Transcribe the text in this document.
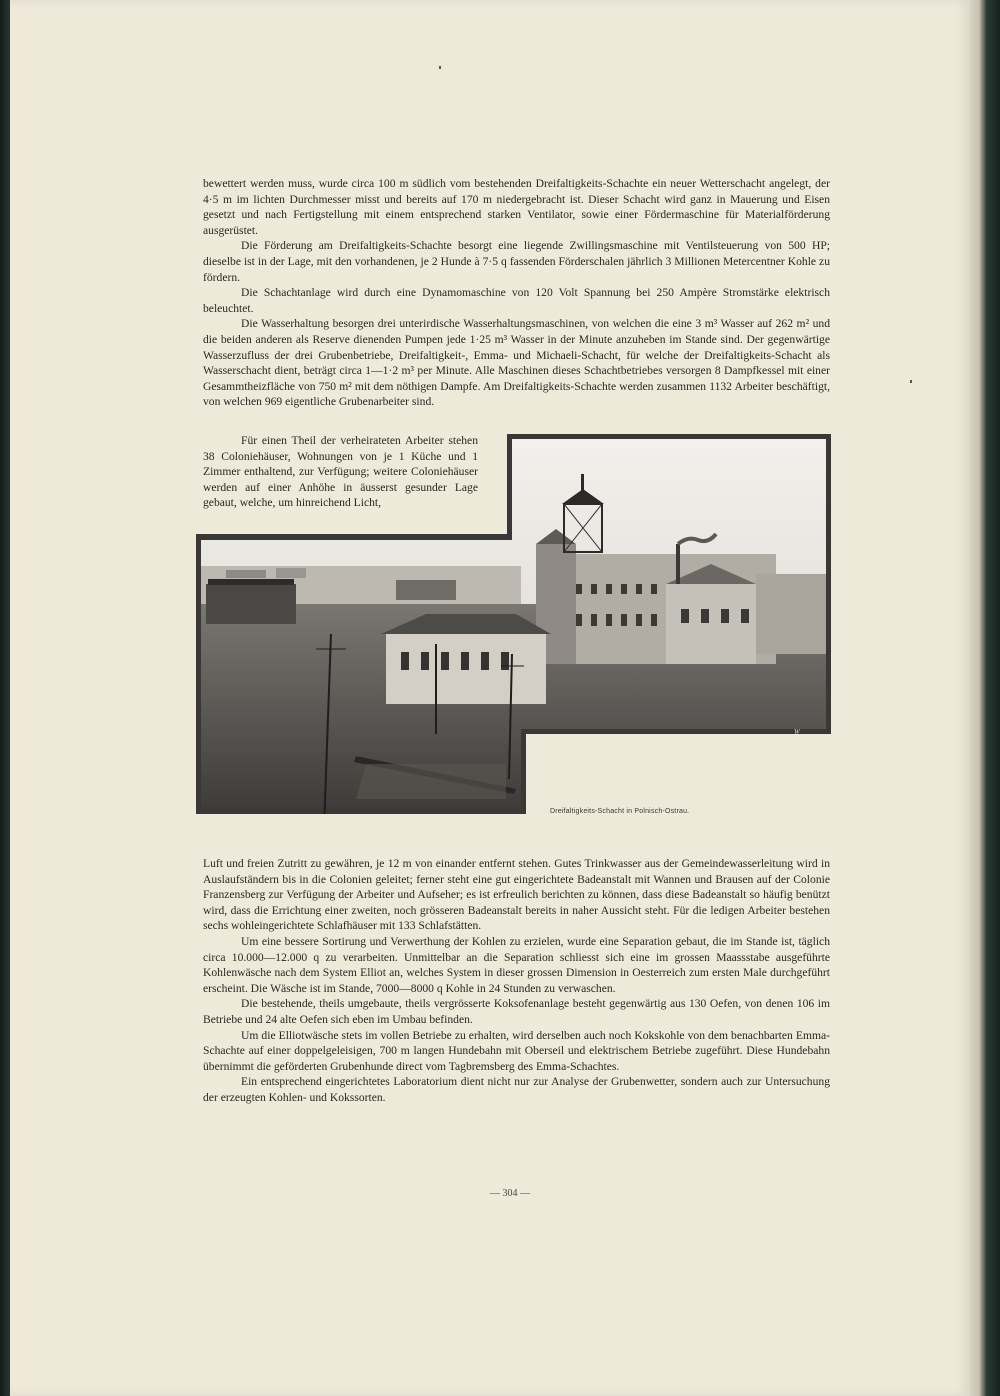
bewettert werden muss, wurde circa 100 m südlich vom bestehenden Dreifaltigkeits-Schachte ein neuer Wetterschacht angelegt, der 4·5 m im lichten Durchmesser misst und bereits auf 170 m niedergebracht ist. Dieser Schacht wird ganz in Mauerung und Eisen gesetzt und nach Fertigstellung mit einem entsprechend starken Ventilator, sowie einer Fördermaschine für Materialförderung ausgerüstet.

Die Förderung am Dreifaltigkeits-Schachte besorgt eine liegende Zwillingsmaschine mit Ventilsteuerung von 500 HP; dieselbe ist in der Lage, mit den vorhandenen, je 2 Hunde à 7·5 q fassenden Förderschalen jährlich 3 Millionen Metercentner Kohle zu fördern.

Die Schachtanlage wird durch eine Dynamomaschine von 120 Volt Spannung bei 250 Ampère Stromstärke elektrisch beleuchtet.

Die Wasserhaltung besorgen drei unterirdische Wasserhaltungsmaschinen, von welchen die eine 3 m³ Wasser auf 262 m² und die beiden anderen als Reserve dienenden Pumpen jede 1·25 m³ Wasser in der Minute anzuheben im Stande sind. Der gegenwärtige Wasserzufluss der drei Grubenbetriebe, Dreifaltigkeit-, Emma- und Michaeli-Schacht, für welche der Dreifaltigkeits-Schacht als Wasserschacht dient, beträgt circa 1—1·2 m³ per Minute. Alle Maschinen dieses Schachtbetriebes versorgen 8 Dampfkessel mit einer Gesammtheizfläche von 750 m² mit dem nöthigen Dampfe. Am Dreifaltigkeits-Schachte werden zusammen 1132 Arbeiter beschäftigt, von welchen 969 eigentliche Grubenarbeiter sind.

Für einen Theil der verheirateten Arbeiter stehen 38 Coloniehäuser, Wohnungen von je 1 Küche und 1 Zimmer enthaltend, zur Verfügung; weitere Coloniehäuser werden auf einer Anhöhe in äusserst gesunder Lage gebaut, welche, um hinreichend Licht,

W
Dreifaltigkeits-Schacht in Polnisch-Ostrau.

Luft und freien Zutritt zu gewähren, je 12 m von einander entfernt stehen. Gutes Trinkwasser aus der Gemeindewasserleitung wird in Auslaufständern bis in die Colonien geleitet; ferner steht eine gut eingerichtete Badeanstalt mit Wannen und Brausen auf der Colonie Franzensberg zur Verfügung der Arbeiter und Aufseher; es ist erfreulich berichten zu können, dass diese Badeanstalt so häufig benützt wird, dass die Errichtung einer zweiten, noch grösseren Badeanstalt bereits in naher Aussicht steht. Für die ledigen Arbeiter bestehen sechs wohleingerichtete Schlafhäuser mit 133 Schlafstätten.

Um eine bessere Sortirung und Verwerthung der Kohlen zu erzielen, wurde eine Separation gebaut, die im Stande ist, täglich circa 10.000—12.000 q zu verarbeiten. Unmittelbar an die Separation schliesst sich eine im grossen Maassstabe ausgeführte Kohlenwäsche nach dem System Elliot an, welches System in dieser grossen Dimension in Oesterreich zum ersten Male durchgeführt erscheint. Die Wäsche ist im Stande, 7000—8000 q Kohle in 24 Stunden zu verwaschen.

Die bestehende, theils umgebaute, theils vergrösserte Koksofenanlage besteht gegenwärtig aus 130 Oefen, von denen 106 im Betriebe und 24 alte Oefen sich eben im Umbau befinden.

Um die Elliotwäsche stets im vollen Betriebe zu erhalten, wird derselben auch noch Kokskohle von dem benachbarten Emma-Schachte auf einer doppelgeleisigen, 700 m langen Hundebahn mit Oberseil und elektrischem Betriebe zugeführt. Diese Hundebahn übernimmt die geförderten Grubenhunde direct vom Tagbremsberg des Emma-Schachtes.

Ein entsprechend eingerichtetes Laboratorium dient nicht nur zur Analyse der Grubenwetter, sondern auch zur Untersuchung der erzeugten Kohlen- und Kokssorten.

— 304 —
